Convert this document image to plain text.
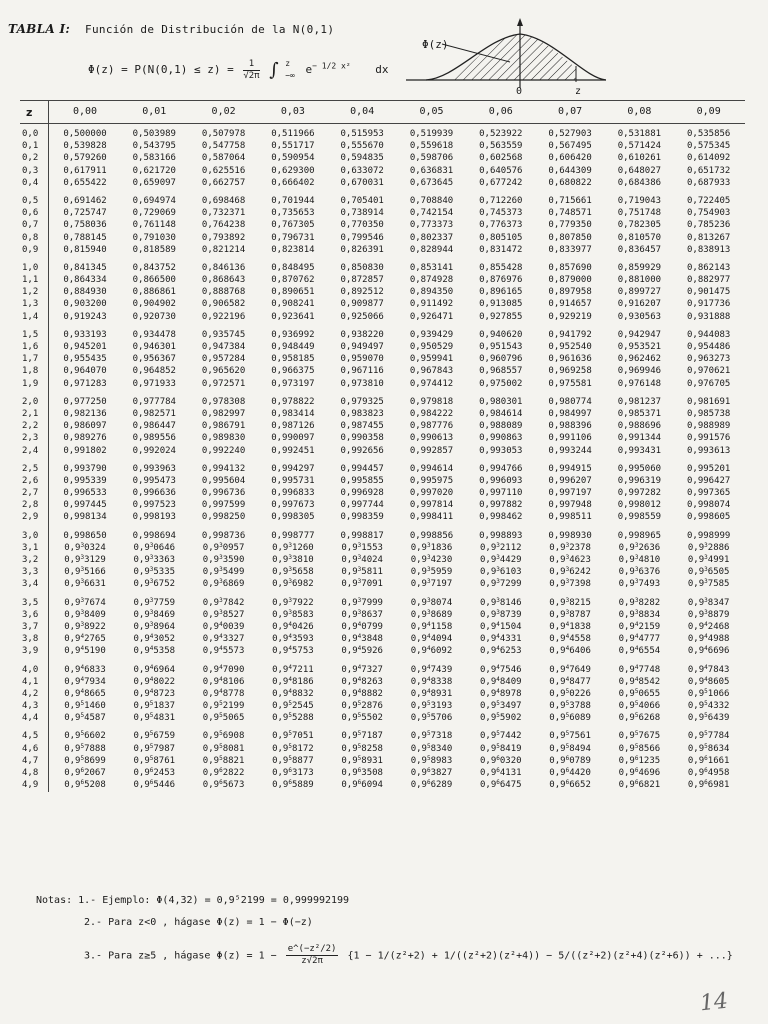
TABLA I: Función de Distribución de la N(0,1)
$\Phi(z) = P(N(0,1) \le z) = \frac{1}{√2\pi}$ ∫ z
−∞ $e^{- 1/2 x^2}$ dx
Φ(z)
0	z
z	0,00	0,01	0,02	0,03	0,04	0,05	0,06	0,07	0,08	0,09
0,0	0,500000	0,503989	0,507978	0,511966	0,515953	0,519939	0,523922	0,527903	0,531881	0,535856
0,1	0,539828	0,543795	0,547758	0,551717	0,555670	0,559618	0,563559	0,567495	0,571424	0,575345
0,2	0,579260	0,583166	0,587064	0,590954	0,594835	0,598706	0,602568	0,606420	0,610261	0,614092
0,3	0,617911	0,621720	0,625516	0,629300	0,633072	0,636831	0,640576	0,644309	0,648027	0,651732
0,4	0,655422	0,659097	0,662757	0,666402	0,670031	0,673645	0,677242	0,680822	0,684386	0,687933
0,5	0,691462	0,694974	0,698468	0,701944	0,705401	0,708840	0,712260	0,715661	0,719043	0,722405
0,6	0,725747	0,729069	0,732371	0,735653	0,738914	0,742154	0,745373	0,748571	0,751748	0,754903
0,7	0,758036	0,761148	0,764238	0,767305	0,770350	0,773373	0,776373	0,779350	0,782305	0,785236
0,8	0,788145	0,791030	0,793892	0,796731	0,799546	0,802337	0,805105	0,807850	0,810570	0,813267
0,9	0,815940	0,818589	0,821214	0,823814	0,826391	0,828944	0,831472	0,833977	0,836457	0,838913
1,0	0,841345	0,843752	0,846136	0,848495	0,850830	0,853141	0,855428	0,857690	0,859929	0,862143
1,1	0,864334	0,866500	0,868643	0,870762	0,872857	0,874928	0,876976	0,879000	0,881000	0,882977
1,2	0,884930	0,886861	0,888768	0,890651	0,892512	0,894350	0,896165	0,897958	0,899727	0,901475
1,3	0,903200	0,904902	0,906582	0,908241	0,909877	0,911492	0,913085	0,914657	0,916207	0,917736
1,4	0,919243	0,920730	0,922196	0,923641	0,925066	0,926471	0,927855	0,929219	0,930563	0,931888
1,5	0,933193	0,934478	0,935745	0,936992	0,938220	0,939429	0,940620	0,941792	0,942947	0,944083
1,6	0,945201	0,946301	0,947384	0,948449	0,949497	0,950529	0,951543	0,952540	0,953521	0,954486
1,7	0,955435	0,956367	0,957284	0,958185	0,959070	0,959941	0,960796	0,961636	0,962462	0,963273
1,8	0,964070	0,964852	0,965620	0,966375	0,967116	0,967843	0,968557	0,969258	0,969946	0,970621
1,9	0,971283	0,971933	0,972571	0,973197	0,973810	0,974412	0,975002	0,975581	0,976148	0,976705
2,0	0,977250	0,977784	0,978308	0,978822	0,979325	0,979818	0,980301	0,980774	0,981237	0,981691
2,1	0,982136	0,982571	0,982997	0,983414	0,983823	0,984222	0,984614	0,984997	0,985371	0,985738
2,2	0,986097	0,986447	0,986791	0,987126	0,987455	0,987776	0,988089	0,988396	0,988696	0,988989
2,3	0,989276	0,989556	0,989830	0,990097	0,990358	0,990613	0,990863	0,991106	0,991344	0,991576
2,4	0,991802	0,992024	0,992240	0,992451	0,992656	0,992857	0,993053	0,993244	0,993431	0,993613
2,5	0,993790	0,993963	0,994132	0,994297	0,994457	0,994614	0,994766	0,994915	0,995060	0,995201
2,6	0,995339	0,995473	0,995604	0,995731	0,995855	0,995975	0,996093	0,996207	0,996319	0,996427
2,7	0,996533	0,996636	0,996736	0,996833	0,996928	0,997020	0,997110	0,997197	0,997282	0,997365
2,8	0,997445	0,997523	0,997599	0,997673	0,997744	0,997814	0,997882	0,997948	0,998012	0,998074
2,9	0,998134	0,998193	0,998250	0,998305	0,998359	0,998411	0,998462	0,998511	0,998559	0,998605
3,0	0,998650	0,998694	0,998736	0,998777	0,998817	0,998856	0,998893	0,998930	0,998965	0,998999
3,1	$0,9^30324$	$0,9^30646$	$0,9^30957$	$0,9^31260$	$0,9^31553$	$0,9^31836$	$0,9^32112$	$0,9^32378$	$0,9^32636$	$0,9^32886$
3,2	$0,9^33129$	$0,9^33363$	$0,9^33590$	$0,9^33810$	$0,9^34024$	$0,9^34230$	$0,9^34429$	$0,9^34623$	$0,9^34810$	$0,9^34991$
3,3	$0,9^35166$	$0,9^35335$	$0,9^35499$	$0,9^35658$	$0,9^35811$	$0,9^35959$	$0,9^36103$	$0,9^36242$	$0,9^36376$	$0,9^36505$
3,4	$0,9^36631$	$0,9^36752$	$0,9^36869$	$0,9^36982$	$0,9^37091$	$0,9^37197$	$0,9^37299$	$0,9^37398$	$0,9^37493$	$0,9^37585$
3,5	$0,9^37674$	$0,9^37759$	$0,9^37842$	$0,9^37922$	$0,9^37999$	$0,9^38074$	$0,9^38146$	$0,9^38215$	$0,9^38282$	$0,9^38347$
3,6	$0,9^38409$	$0,9^38469$	$0,9^38527$	$0,9^38583$	$0,9^38637$	$0,9^38689$	$0,9^38739$	$0,9^38787$	$0,9^38834$	$0,9^38879$
3,7	$0,9^38922$	$0,9^38964$	$0,9^40039$	$0,9^40426$	$0,9^40799$	$0,9^41158$	$0,9^41504$	$0,9^41838$	$0,9^42159$	$0,9^42468$
3,8	$0,9^42765$	$0,9^43052$	$0,9^43327$	$0,9^43593$	$0,9^43848$	$0,9^44094$	$0,9^44331$	$0,9^44558$	$0,9^44777$	$0,9^44988$
3,9	$0,9^45190$	$0,9^45358$	$0,9^45573$	$0,9^45753$	$0,9^45926$	$0,9^46092$	$0,9^46253$	$0,9^46406$	$0,9^46554$	$0,9^46696$
4,0	$0,9^46833$	$0,9^46964$	$0,9^47090$	$0,9^47211$	$0,9^47327$	$0,9^47439$	$0,9^47546$	$0,9^47649$	$0,9^47748$	$0,9^47843$
4,1	$0,9^47934$	$0,9^48022$	$0,9^48106$	$0,9^48186$	$0,9^48263$	$0,9^48338$	$0,9^48409$	$0,9^48477$	$0,9^48542$	$0,9^48605$
4,2	$0,9^48665$	$0,9^48723$	$0,9^48778$	$0,9^48832$	$0,9^48882$	$0,9^48931$	$0,9^48978$	$0,9^50226$	$0,9^50655$	$0,9^51066$
4,3	$0,9^51460$	$0,9^51837$	$0,9^52199$	$0,9^52545$	$0,9^52876$	$0,9^53193$	$0,9^53497$	$0,9^53788$	$0,9^54066$	$0,9^54332$
4,4	$0,9^54587$	$0,9^54831$	$0,9^55065$	$0,9^55288$	$0,9^55502$	$0,9^55706$	$0,9^55902$	$0,9^56089$	$0,9^56268$	$0,9^56439$
4,5	$0,9^56602$	$0,9^56759$	$0,9^56908$	$0,9^57051$	$0,9^57187$	$0,9^57318$	$0,9^57442$	$0,9^57561$	$0,9^57675$	$0,9^57784$
4,6	$0,9^57888$	$0,9^57987$	$0,9^58081$	$0,9^58172$	$0,9^58258$	$0,9^58340$	$0,9^58419$	$0,9^58494$	$0,9^58566$	$0,9^58634$
4,7	$0,9^58699$	$0,9^58761$	$0,9^58821$	$0,9^58877$	$0,9^58931$	$0,9^58983$	$0,9^60320$	$0,9^60789$	$0,9^61235$	$0,9^61661$
4,8	$0,9^62067$	$0,9^62453$	$0,9^62822$	$0,9^63173$	$0,9^63508$	$0,9^63827$	$0,9^64131$	$0,9^64420$	$0,9^64696$	$0,9^64958$
4,9	$0,9^65208$	$0,9^65446$	$0,9^65673$	$0,9^65889$	$0,9^66094$	$0,9^66289$	$0,9^66475$	$0,9^66652$	$0,9^66821$	$0,9^66981$
Notas: 1.- Ejemplo: Φ(4,32) = 0,9⁵2199 = 0,999992199
2.- Para z<0 , hágase Φ(z) = 1 − Φ(−z)
3.- Para z≥5 , hágase $\Phi(z) = 1 - \frac{\text{e\textasciicircum{}(−z²/2)}}{z√2\pi} \{1 - 1/(z^2+2) + 1/((z^2+2)(z^2+4)) - 5/((z^2+2)(z^2+4)(z^2+6))$ + ...}
14
